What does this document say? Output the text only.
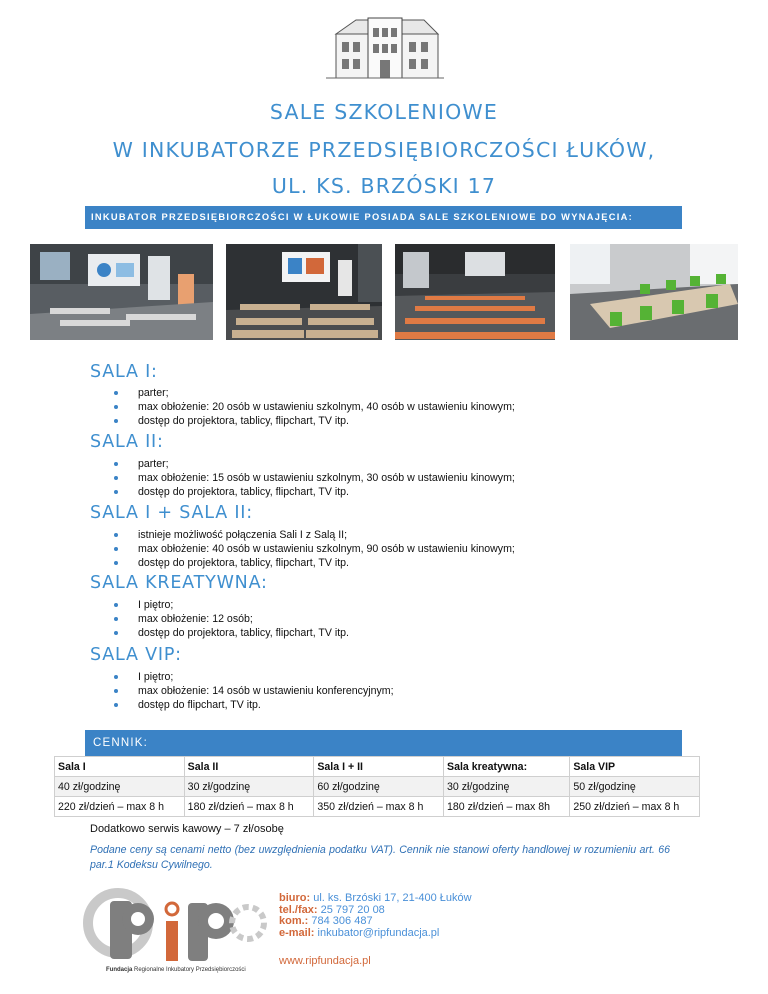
SALE SZKOLENIOWE
W INKUBATORZE PRZEDSIĘBIORCZOŚCI ŁUKÓW,
UL. KS. BRZÓSKI 17
INKUBATOR PRZEDSIĘBIORCZOŚCI W ŁUKOWIE POSIADA SALE SZKOLENIOWE DO WYNAJĘCIA:
SALA I:
parter;
max obłożenie: 20 osób w ustawieniu szkolnym, 40 osób w ustawieniu kinowym;
dostęp do projektora, tablicy, flipchart, TV itp.
SALA II:
parter;
max obłożenie: 15 osób w ustawieniu szkolnym, 30 osób w ustawieniu kinowym;
dostęp do projektora, tablicy, flipchart, TV itp.
SALA I + SALA II:
istnieje możliwość połączenia Sali I z Salą II;
max obłożenie: 40 osób w ustawieniu szkolnym, 90 osób w ustawieniu kinowym;
dostęp do projektora, tablicy, flipchart, TV itp.
SALA KREATYWNA:
I piętro;
max obłożenie: 12 osób;
dostęp do projektora, tablicy, flipchart, TV itp.
SALA VIP:
I piętro;
max obłożenie: 14 osób w ustawieniu konferencyjnym;
dostęp do flipchart, TV itp.
CENNIK:
Sala I	Sala II	Sala I + II	Sala kreatywna:	Sala VIP
40 zł/godzinę	30 zł/godzinę	60 zł/godzinę	30 zł/godzinę	50 zł/godzinę
220 zł/dzień – max 8 h	180 zł/dzień – max 8 h	350 zł/dzień – max 8 h	180 zł/dzień – max 8h	250 zł/dzień – max 8 h
Dodatkowo serwis kawowy – 7 zł/osobę
Podane ceny są cenami netto (bez uwzględnienia podatku VAT). Cennik nie stanowi oferty handlowej w rozumieniu art. 66 par.1 Kodeksu Cywilnego.
Fundacja Regionalne Inkubatory Przedsiębiorczości
biuro: ul. ks. Brzóski 17, 21-400 Łuków
tel./fax: 25 797 20 08
kom.: 784 306 487
e-mail: inkubator@ripfundacja.pl
www.ripfundacja.pl
